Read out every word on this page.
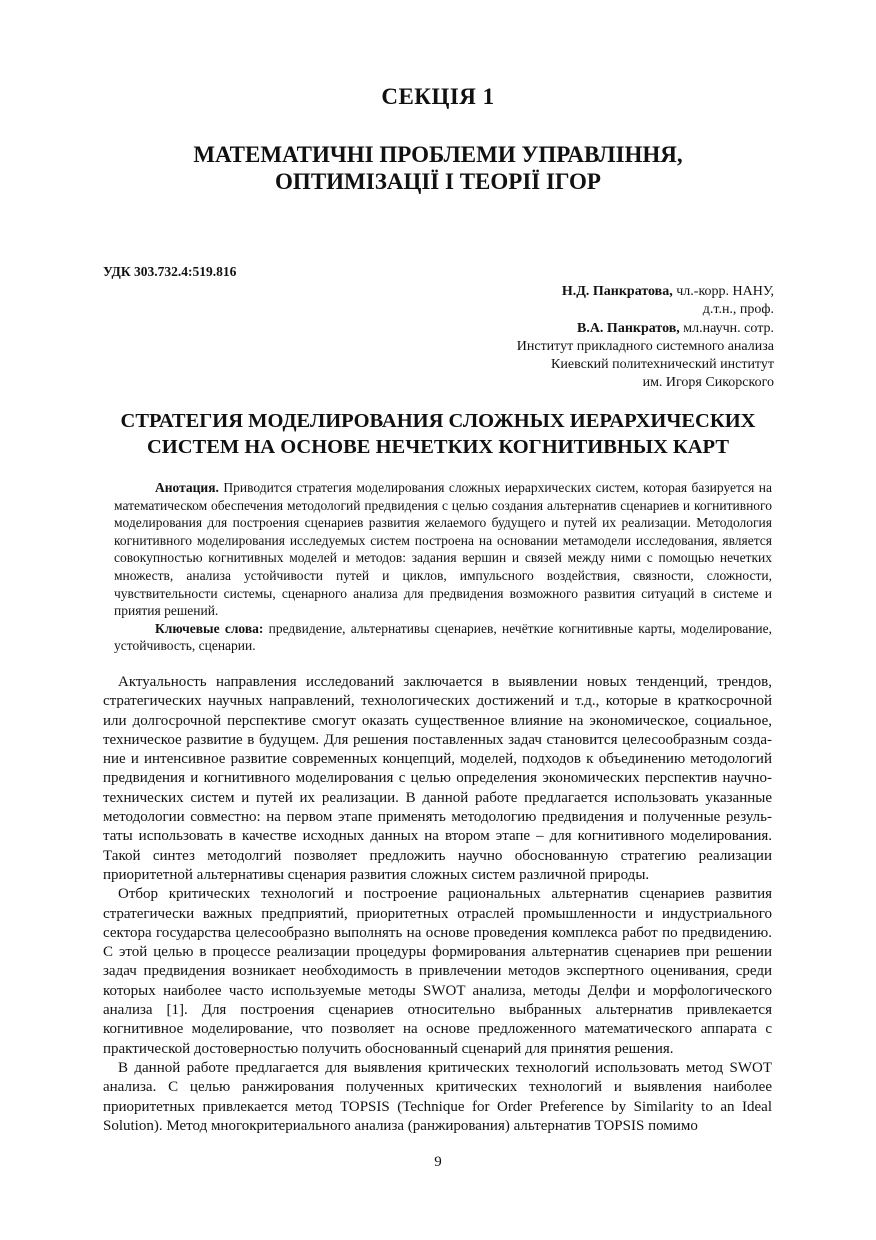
СЕКЦІЯ 1
МАТЕМАТИЧНІ ПРОБЛЕМИ УПРАВЛІННЯ,
ОПТИМІЗАЦІЇ І ТЕОРІЇ ІГОР
УДК 303.732.4:519.816
Н.Д. Панкратова, чл.-корр. НАНУ,
д.т.н., проф.
В.А. Панкратов, мл.научн. сотр.
Институт прикладного системного анализа
Киевский политехнический институт
им. Игоря Сикорского
СТРАТЕГИЯ МОДЕЛИРОВАНИЯ СЛОЖНЫХ ИЕРАРХИЧЕСКИХ
СИСТЕМ НА ОСНОВЕ НЕЧЕТКИХ КОГНИТИВНЫХ КАРТ

Анотация. Приводится стратегия моделирования сложных иерархических систем, которая базируется на математическом обеспечения методологий предвидения с целью создания альтернатив сценариев и когнитивного моделирования для построения сценариев развития желаемого будущего и путей их реализации. Методология когнитивного моделирования исследуемых систем построена на основании метамодели исследования, является совокупностью когнитивных моделей и методов: задания вершин и связей между ними с помощью нечетких множеств, анализа устойчивости путей и циклов, импульсного воздействия, связности, сложности, чувствительности системы, сценарного анализа для предвидения возможного развития ситуаций в системе и приятия решений.

Ключевые слова: предвидение, альтернативы сценариев, нечёткие когнитивные карты, моделирование, устойчивость, сценарии.

Актуальность направления исследований заключается в выявлении новых тенденций, трендов, стратегических научных направлений, технологических достижений и т.д., которые в краткосрочной или долгосрочной перспективе смогут оказать существенное влияние на экономическое, социальное, техническое развитие в будущем. Для решения поставленных задач становится целесообразным создание и интенсивное развитие современных концепций, моделей, подходов к объединению методологий предвидения и когнитивного моделирования с целью определения экономических перспектив научнотехнических систем и путей их реализации. В данной работе предлагается использовать указанные методологии совместно: на первом этапе применять методологию предвидения и полученные результаты использовать в качестве исходных данных на втором этапе – для когнитивного моделирования. Такой синтез методолгий позволяет предложить научно обоснованную стратегию реализации приоритетной альтернативы сценария развития сложных систем различной природы.

Отбор критических технологий и построение рациональных альтернатив сценариев развития стратегически важных предприятий, приоритетных отраслей промышленности и индустриального сектора государства целесообразно выполнять на основе проведения комплекса работ по предвидению. С этой целью в процессе реализации процедуры формирования альтернатив сценариев при решении задач предвидения возникает необходимость в привлечении методов экспертного оценивания, среди которых наиболее часто используемые методы SWOT анализа, методы Делфи и морфологического анализа [1]. Для построения сценариев относительно выбранных альтернатив привлекается когнитивное моделирование, что позволяет на основе предложенного математического аппарата с практической достоверностью получить обоснованный сценарий для принятия решения.

В данной работе предлагается для выявления критических технологий использовать метод SWOT анализа. С целью ранжирования полученных критических технологий и выявления наиболее приоритетных привлекается метод TOPSIS (Technique for Order Preference by Similarity to an Ideal Solution). Метод многокритериального анализа (ранжирования) альтернатив TOPSIS помимо

9
